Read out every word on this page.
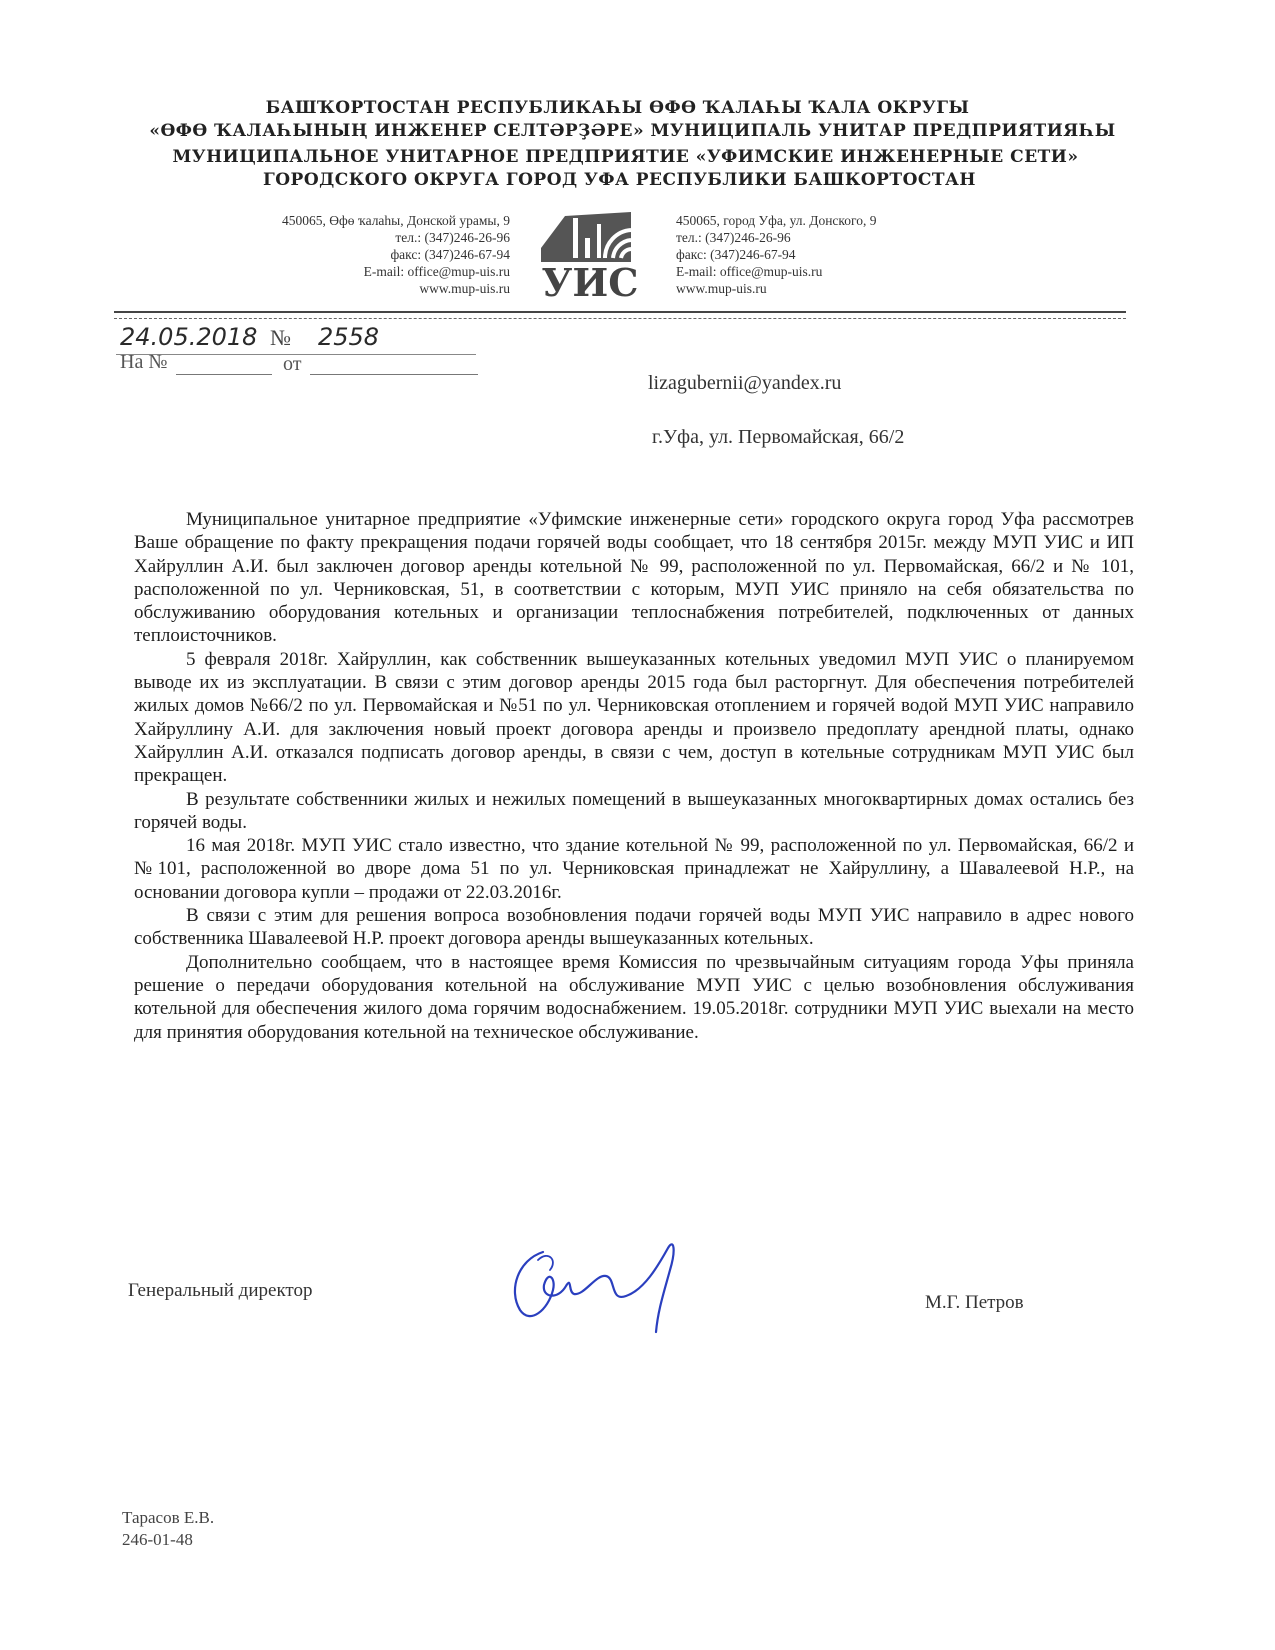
БАШҠОРТОСТАН РЕСПУБЛИКАҺЫ ӨФӨ ҠАЛАҺЫ ҠАЛА ОКРУГЫ
«ӨФӨ ҠАЛАҺЫНЫҢ ИНЖЕНЕР СЕЛТӘРҘӘРЕ» МУНИЦИПАЛЬ УНИТАР ПРЕДПРИЯТИЯҺЫ
МУНИЦИПАЛЬНОЕ УНИТАРНОЕ ПРЕДПРИЯТИЕ «УФИМСКИЕ ИНЖЕНЕРНЫЕ СЕТИ»
ГОРОДСКОГО ОКРУГА ГОРОД УФА РЕСПУБЛИКИ БАШКОРТОСТАН
450065, Өфө ҡалаһы, Донской урамы, 9
тел.: (347)246-26-96
факс: (347)246-67-94
E-mail: office@mup-uis.ru
www.mup-uis.ru УИС
450065, город Уфа, ул. Донского, 9
тел.: (347)246-26-96
факс: (347)246-67-94
E-mail: office@mup-uis.ru
www.mup-uis.ru
24.05.2018 № 2558
На №	от
lizagubernii@yandex.ru
г.Уфа, ул. Первомайская, 66/2

Муниципальное унитарное предприятие «Уфимские инженерные сети» городского округа город Уфа рассмотрев Ваше обращение по факту прекращения подачи горячей воды сообщает, что 18 сентября 2015г. между МУП УИС и ИП Хайруллин А.И. был заключен договор аренды котельной № 99, расположенной по ул. Первомайская, 66/2 и № 101, расположенной по ул. Черниковская, 51, в соответствии с которым, МУП УИС приняло на себя обязательства по обслуживанию оборудования котельных и организации теплоснабжения потребителей, подключенных от данных теплоисточников.

5 февраля 2018г. Хайруллин, как собственник вышеуказанных котельных уведомил МУП УИС о планируемом выводе их из эксплуатации. В связи с этим договор аренды 2015 года был расторгнут. Для обеспечения потребителей жилых домов №66/2 по ул. Первомайская и №51 по ул. Черниковская отоплением и горячей водой МУП УИС направило Хайруллину А.И. для заключения новый проект договора аренды и произвело предоплату арендной платы, однако Хайруллин А.И. отказался подписать договор аренды, в связи с чем, доступ в котельные сотрудникам МУП УИС был прекращен.

В результате собственники жилых и нежилых помещений в вышеуказанных многоквартирных домах остались без горячей воды.

16 мая 2018г. МУП УИС стало известно, что здание котельной № 99, расположенной по ул. Первомайская, 66/2 и №101, расположенной во дворе дома 51 по ул. Черниковская принадлежат не Хайруллину, а Шавалеевой Н.Р., на основании договора купли – продажи от 22.03.2016г.

В связи с этим для решения вопроса возобновления подачи горячей воды МУП УИС направило в адрес нового собственника Шавалеевой Н.Р. проект договора аренды вышеуказанных котельных.

Дополнительно сообщаем, что в настоящее время Комиссия по чрезвычайным ситуациям города Уфы приняла решение о передачи оборудования котельной на обслуживание МУП УИС с целью возобновления обслуживания котельной для обеспечения жилого дома горячим водоснабжением. 19.05.2018г. сотрудники МУП УИС выехали на место для принятия оборудования котельной на техническое обслуживание.

Генеральный директор
М.Г. Петров
Тарасов Е.В.
246-01-48
